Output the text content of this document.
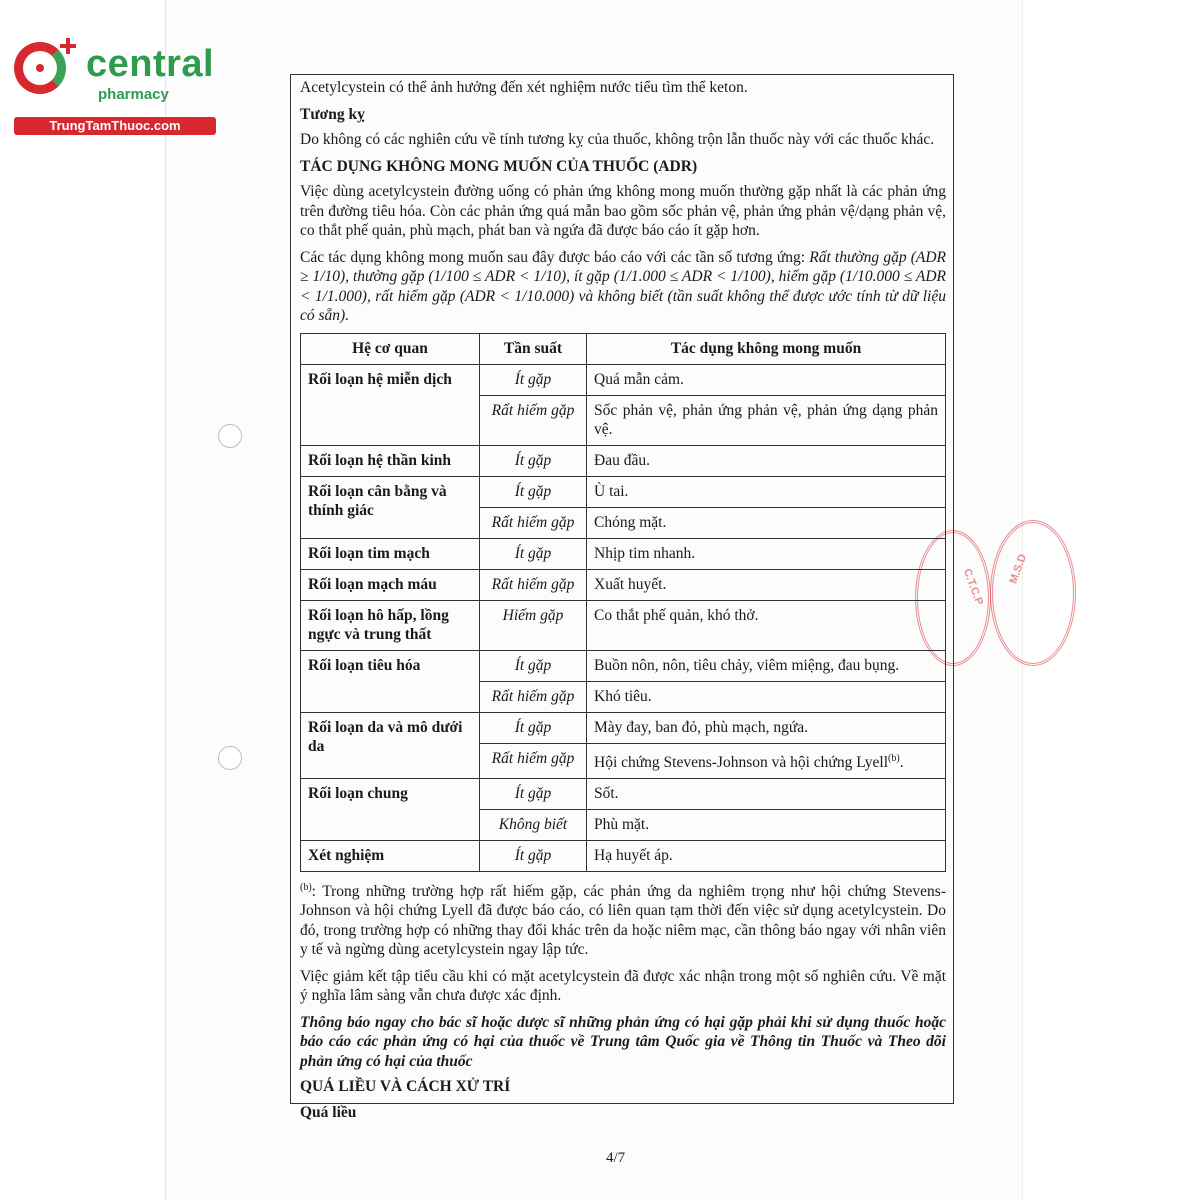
central
pharmacy
TrungTamThuoc.com
C.T.C.P M.S.D

Acetylcystein có thể ảnh hưởng đến xét nghiệm nước tiểu tìm thể keton.

Tương kỵ

Do không có các nghiên cứu về tính tương kỵ của thuốc, không trộn lẫn thuốc này với các thuốc khác.

TÁC DỤNG KHÔNG MONG MUỐN CỦA THUỐC (ADR)

Việc dùng acetylcystein đường uống có phản ứng không mong muốn thường gặp nhất là các phản ứng trên đường tiêu hóa. Còn các phản ứng quá mẫn bao gồm sốc phản vệ, phản ứng phản vệ/dạng phản vệ, co thắt phế quản, phù mạch, phát ban và ngứa đã được báo cáo ít gặp hơn.

Các tác dụng không mong muốn sau đây được báo cáo với các tần số tương ứng: Rất thường gặp (ADR ≥ 1/10), thường gặp (1/100 ≤ ADR < 1/10), ít gặp (1/1.000 ≤ ADR < 1/100), hiếm gặp (1/10.000 ≤ ADR < 1/1.000), rất hiếm gặp (ADR < 1/10.000) và không biết (tần suất không thể được ước tính từ dữ liệu có sẵn).

Hệ cơ quan	Tần suất	Tác dụng không mong muốn
Rối loạn hệ miễn dịch	Ít gặp	Quá mẫn cảm.
	Rất hiếm gặp	Sốc phản vệ, phản ứng phản vệ, phản ứng dạng phản vệ.
Rối loạn hệ thần kinh	Ít gặp	Đau đầu.
Rối loạn cân bằng và thính giác	Ít gặp	Ù tai.
	Rất hiếm gặp	Chóng mặt.
Rối loạn tim mạch	Ít gặp	Nhịp tim nhanh.
Rối loạn mạch máu	Rất hiếm gặp	Xuất huyết.
Rối loạn hô hấp, lồng ngực và trung thất	Hiếm gặp	Co thắt phế quản, khó thở.
Rối loạn tiêu hóa	Ít gặp	Buồn nôn, nôn, tiêu chảy, viêm miệng, đau bụng.
	Rất hiếm gặp	Khó tiêu.
Rối loạn da và mô dưới da	Ít gặp	Mày đay, ban đỏ, phù mạch, ngứa.
	Rất hiếm gặp	Hội chứng Stevens-Johnson và hội chứng Lyell$^{(b)}$.
Rối loạn chung	Ít gặp	Sốt.
	Không biết	Phù mặt.
Xét nghiệm	Ít gặp	Hạ huyết áp.

$^{(b)}$: Trong những trường hợp rất hiếm gặp, các phản ứng da nghiêm trọng như hội chứng Stevens-Johnson và hội chứng Lyell đã được báo cáo, có liên quan tạm thời đến việc sử dụng acetylcystein. Do đó, trong trường hợp có những thay đổi khác trên da hoặc niêm mạc, cần thông báo ngay với nhân viên y tế và ngừng dùng acetylcystein ngay lập tức.

Việc giảm kết tập tiểu cầu khi có mặt acetylcystein đã được xác nhận trong một số nghiên cứu. Về mặt ý nghĩa lâm sàng vẫn chưa được xác định.

Thông báo ngay cho bác sĩ hoặc dược sĩ những phản ứng có hại gặp phải khi sử dụng thuốc hoặc báo cáo các phản ứng có hại của thuốc về Trung tâm Quốc gia về Thông tin Thuốc và Theo dõi phản ứng có hại của thuốc

QUÁ LIỀU VÀ CÁCH XỬ TRÍ
Quá liều
4/7
